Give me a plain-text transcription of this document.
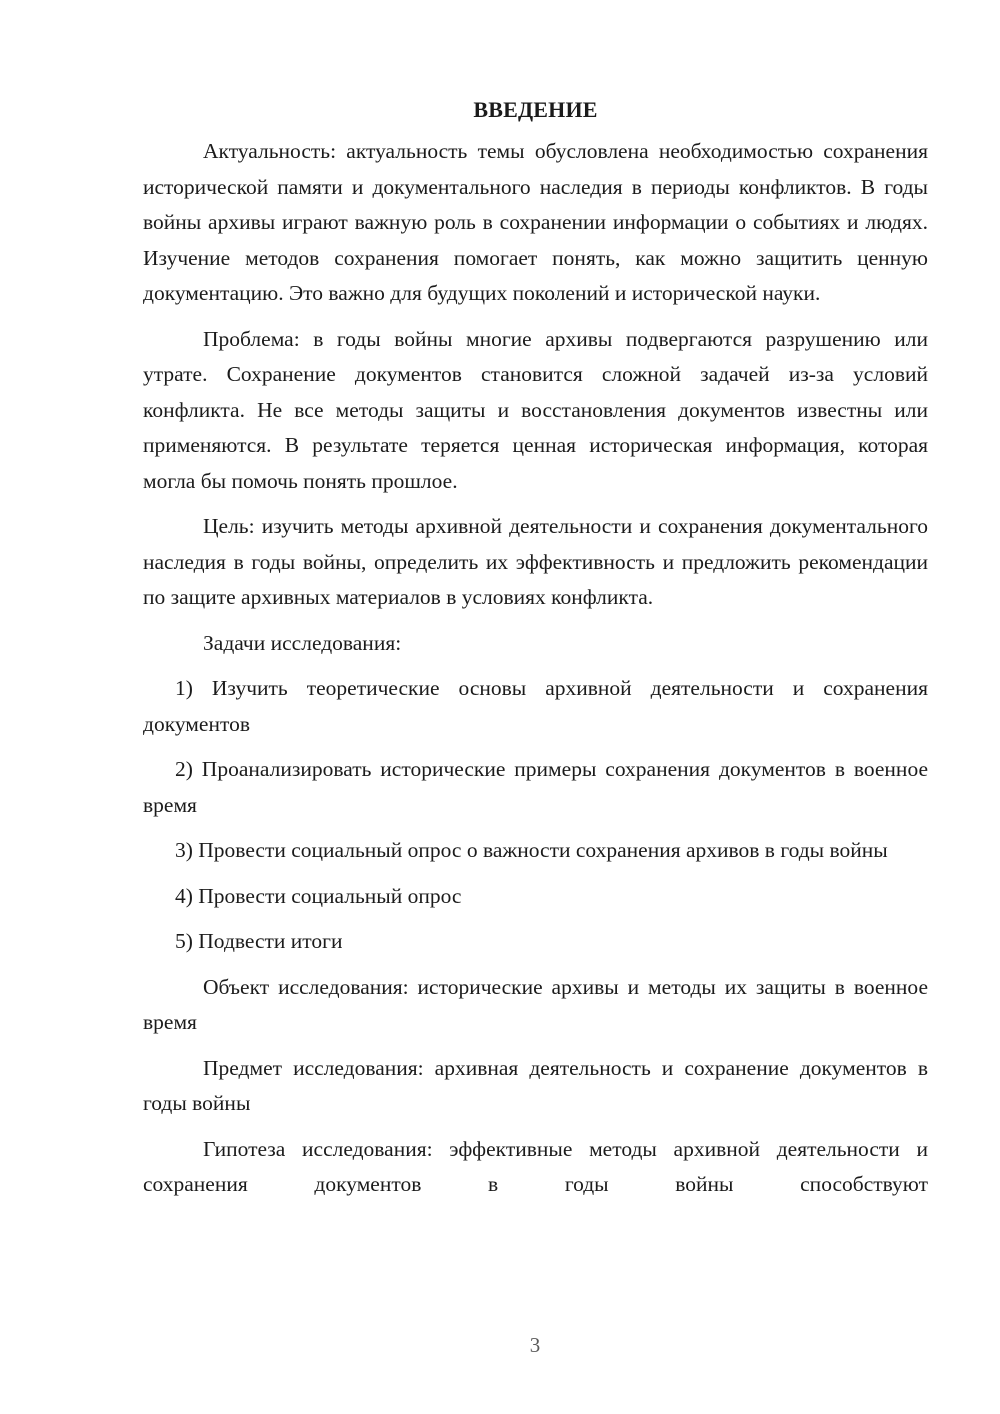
ВВЕДЕНИЕ

Актуальность: актуальность темы обусловлена необходимостью сохранения исторической памяти и документального наследия в периоды конфликтов. В годы войны архивы играют важную роль в сохранении информации о событиях и людях. Изучение методов сохранения помогает понять, как можно защитить ценную документацию. Это важно для будущих поколений и исторической науки.

Проблема: в годы войны многие архивы подвергаются разрушению или утрате. Сохранение документов становится сложной задачей из-за условий конфликта. Не все методы защиты и восстановления документов известны или применяются. В результате теряется ценная историческая информация, которая могла бы помочь понять прошлое.

Цель: изучить методы архивной деятельности и сохранения документального наследия в годы войны, определить их эффективность и предложить рекомендации по защите архивных материалов в условиях конфликта.

Задачи исследования:

1) Изучить теоретические основы архивной деятельности и сохранения документов

2) Проанализировать исторические примеры сохранения документов в военное время

3) Провести социальный опрос о важности сохранения архивов в годы войны

4) Провести социальный опрос

5) Подвести итоги

Объект исследования: исторические архивы и методы их защиты в военное время

Предмет исследования: архивная деятельность и сохранение документов в годы войны

Гипотеза исследования: эффективные методы архивной деятельности и сохранения документов в годы войны способствуют

3
